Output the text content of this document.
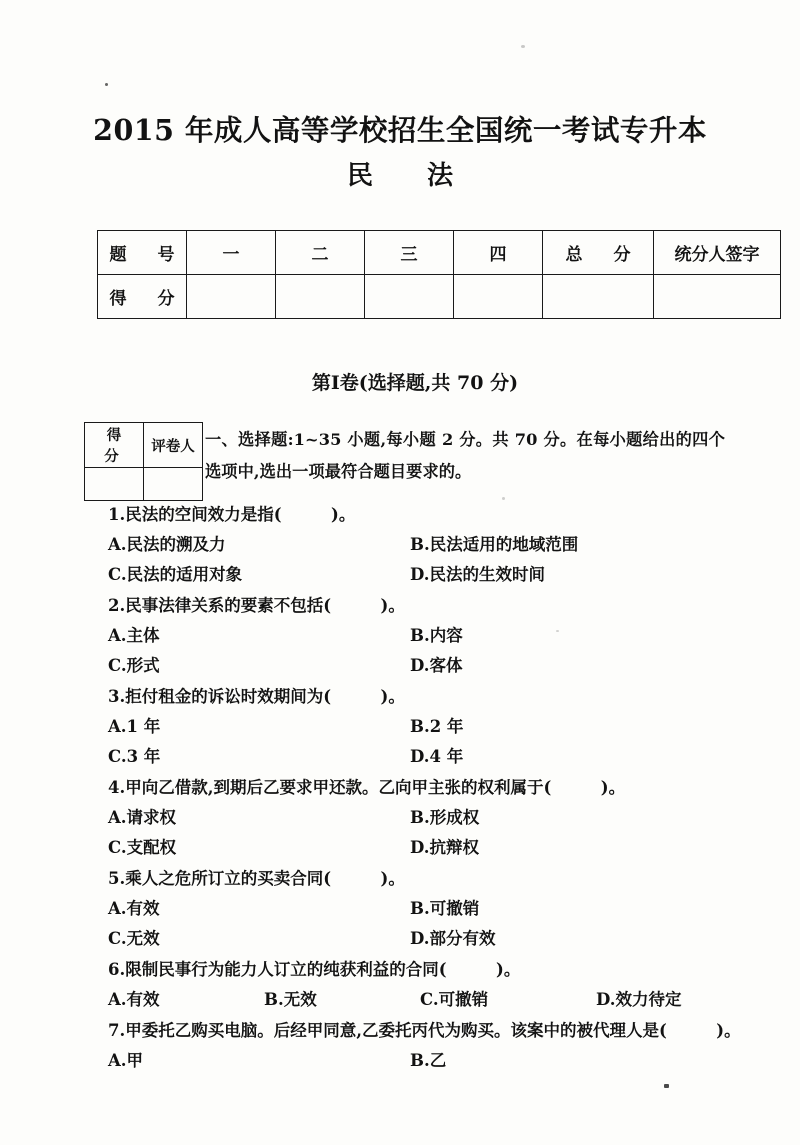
2015 年成人高等学校招生全国统一考试专升本
民　法
题　号	一	二	三	四	总　分	统分人签字
得　分						
第Ⅰ卷(选择题,共 70 分)
得　分	评卷人
	一、选择题:1~35 小题,每小题 2 分。共 70 分。在每小题给出的四个选项中,选出一项最符合题目要求的。
1.民法的空间效力是指(　　　)。
A.民法的溯及力	B.民法适用的地域范围
C.民法的适用对象	D.民法的生效时间
2.民事法律关系的要素不包括(　　　)。
A.主体	B.内容
C.形式	D.客体
3.拒付租金的诉讼时效期间为(　　　)。
A.1 年	B.2 年
C.3 年	D.4 年
4.甲向乙借款,到期后乙要求甲还款。乙向甲主张的权利属于(　　　)。
A.请求权	B.形成权
C.支配权	D.抗辩权
5.乘人之危所订立的买卖合同(　　　)。
A.有效	B.可撤销
C.无效	D.部分有效
6.限制民事行为能力人订立的纯获利益的合同(　　　)。
A.有效	B.无效	C.可撤销	D.效力待定
7.甲委托乙购买电脑。后经甲同意,乙委托丙代为购买。该案中的被代理人是(　　　)。
A.甲	B.乙
